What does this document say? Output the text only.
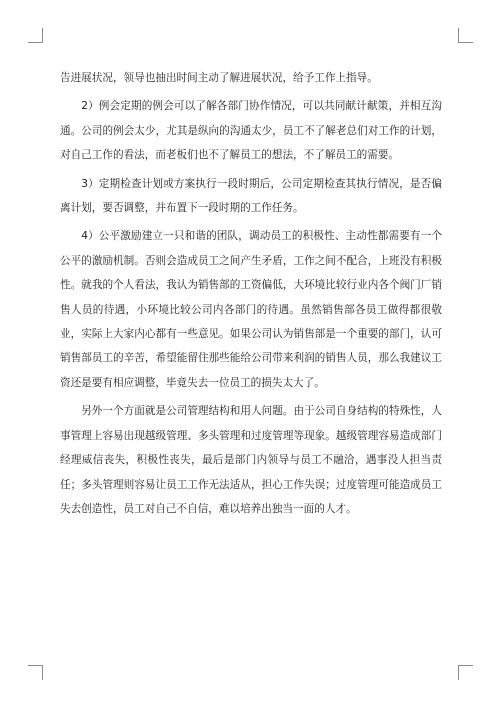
告进展状况，领导也抽出时间主动了解进展状况，给予工作上指导。

2）例会定期的例会可以了解各部门协作情况，可以共同献计献策，并相互沟通。公司的例会太少，尤其是纵向的沟通太少，员工不了解老总们对工作的计划，对自己工作的看法，而老板们也不了解员工的想法，不了解员工的需要。

3）定期检查计划或方案执行一段时期后，公司定期检查其执行情况，是否偏离计划，要否调整，并布置下一段时期的工作任务。

4）公平激励建立一只和谐的团队，调动员工的积极性、主动性都需要有一个公平的激励机制。否则会造成员工之间产生矛盾，工作之间不配合，上班没有积极性。就我的个人看法，我认为销售部的工资偏低，大环境比较行业内各个阀门厂销售人员的待遇，小环境比较公司内各部门的待遇。虽然销售部各员工做得都很敬业，实际上大家内心都有一些意见。如果公司认为销售部是一个重要的部门，认可销售部员工的辛苦，希望能留住那些能给公司带来利润的销售人员，那么我建议工资还是要有相应调整，毕竟失去一位员工的损失太大了。

另外一个方面就是公司管理结构和用人问题。由于公司自身结构的特殊性，人事管理上容易出现越级管理、多头管理和过度管理等现象。越级管理容易造成部门经理威信丧失，积极性丧失，最后是部门内领导与员工不融洽，遇事没人担当责任；多头管理则容易让员工工作无法适从，担心工作失误；过度管理可能造成员工失去创造性，员工对自己不自信，难以培养出独当一面的人才。
